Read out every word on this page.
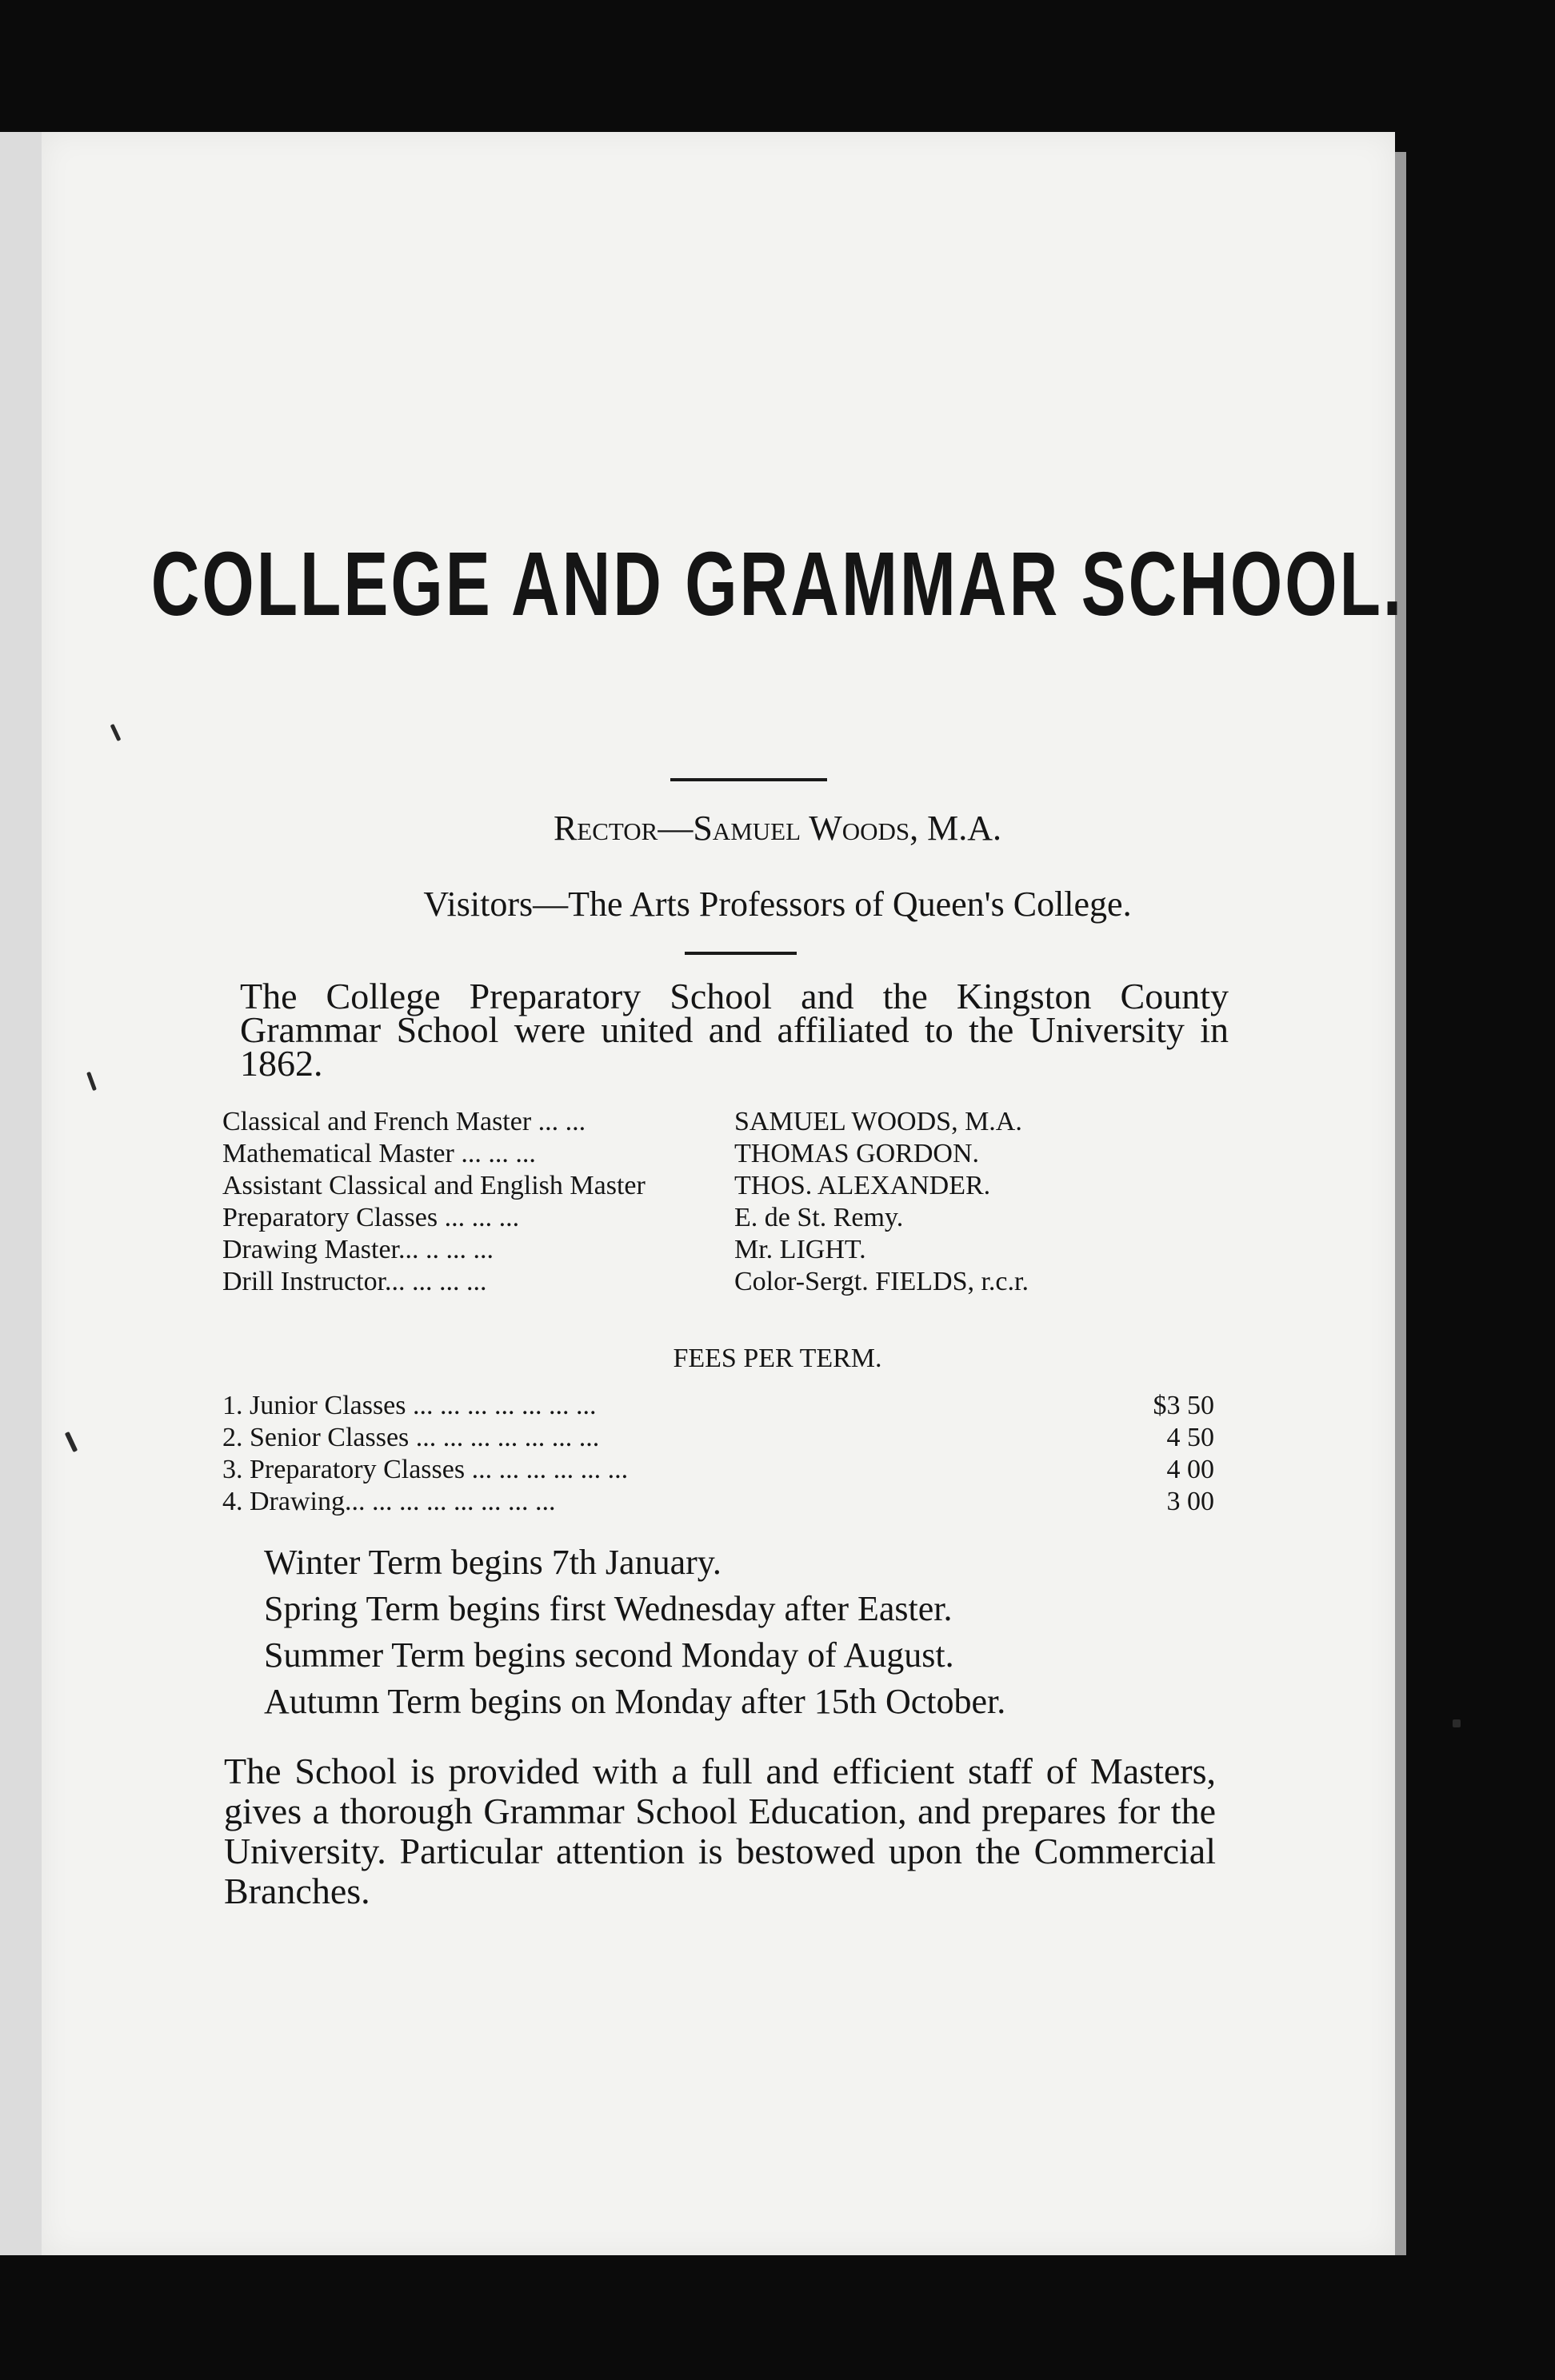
COLLEGE AND GRAMMAR SCHOOL.
Rector—Samuel Woods, M.A.
Visitors—The Arts Professors of Queen's College.
The College Preparatory School and the Kingston County Grammar School were united and affiliated to the University in 1862.
Classical and French Master ... ...	SAMUEL WOODS, M.A.
Mathematical Master ... ... ...	THOMAS GORDON.
Assistant Classical and English Master	THOS. ALEXANDER.
Preparatory Classes ... ... ...	E. de St. Remy.
Drawing Master... .. ... ...	Mr. LIGHT.
Drill Instructor... ... ... ...	Color-Sergt. FIELDS, r.c.r.
FEES PER TERM.
1. Junior Classes ... ... ... ... ... ... ...	$3 50
2. Senior Classes ... ... ... ... ... ... ...	4 50
3. Preparatory Classes ... ... ... ... ... ...	4 00
4. Drawing... ... ... ... ... ... ... ...	3 00
Winter Term begins 7th January.
Spring Term begins first Wednesday after Easter.
Summer Term begins second Monday of August.
Autumn Term begins on Monday after 15th October.
The School is provided with a full and efficient staff of Masters, gives a thorough Grammar School Education, and prepares for the University. Particular attention is bestowed upon the Commercial Branches.
